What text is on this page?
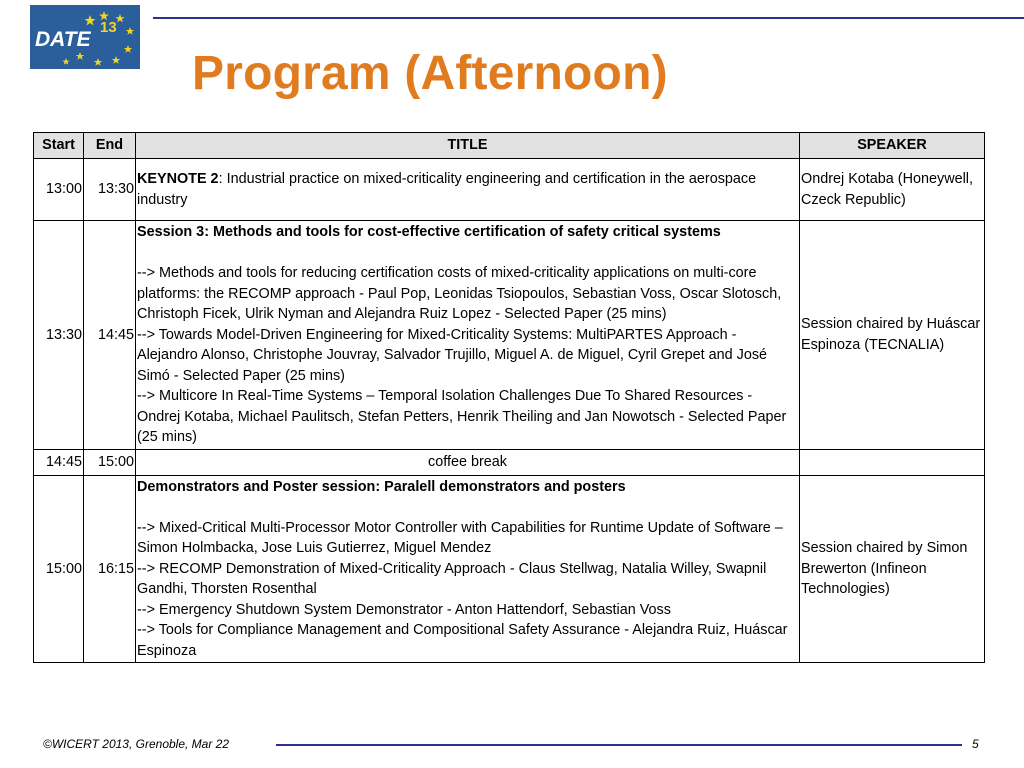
DATE
13
Program (Afternoon)
Start	End	TITLE	SPEAKER
13:00	13:30	KEYNOTE 2: Industrial practice on mixed-criticality engineering and certification in the aerospace industry	Ondrej Kotaba (Honeywell, Czeck Republic)
13:30	14:45	Session 3: Methods and tools for cost-effective certification of safety critical systems
--> Methods and tools for reducing certification costs of mixed-criticality applications on multi-core platforms: the RECOMP approach - Paul Pop, Leonidas Tsiopoulos, Sebastian Voss, Oscar Slotosch, Christoph Ficek, Ulrik Nyman and Alejandra Ruiz Lopez - Selected Paper (25 mins)
--> Towards Model-Driven Engineering for Mixed-Criticality Systems: MultiPARTES Approach - Alejandro Alonso, Christophe Jouvray, Salvador Trujillo, Miguel A. de Miguel, Cyril Grepet and José Simó - Selected Paper (25 mins)
--> Multicore In Real-Time Systems – Temporal Isolation Challenges Due To Shared Resources - Ondrej Kotaba, Michael Paulitsch, Stefan Petters, Henrik Theiling and Jan Nowotsch - Selected Paper (25 mins)	Session chaired by Huáscar Espinoza (TECNALIA)
14:45	15:00	coffee break	
15:00	16:15	Demonstrators and Poster session: Paralell demonstrators and posters
--> Mixed-Critical Multi-Processor Motor Controller with Capabilities for Runtime Update of Software – Simon Holmbacka, Jose Luis Gutierrez, Miguel Mendez
--> RECOMP Demonstration of Mixed-Criticality Approach - Claus Stellwag, Natalia Willey, Swapnil Gandhi, Thorsten Rosenthal
--> Emergency Shutdown System Demonstrator - Anton Hattendorf, Sebastian Voss
--> Tools for Compliance Management and Compositional Safety Assurance - Alejandra Ruiz, Huáscar Espinoza	Session chaired by Simon Brewerton (Infineon Technologies)
©WICERT 2013, Grenoble, Mar 22	5
